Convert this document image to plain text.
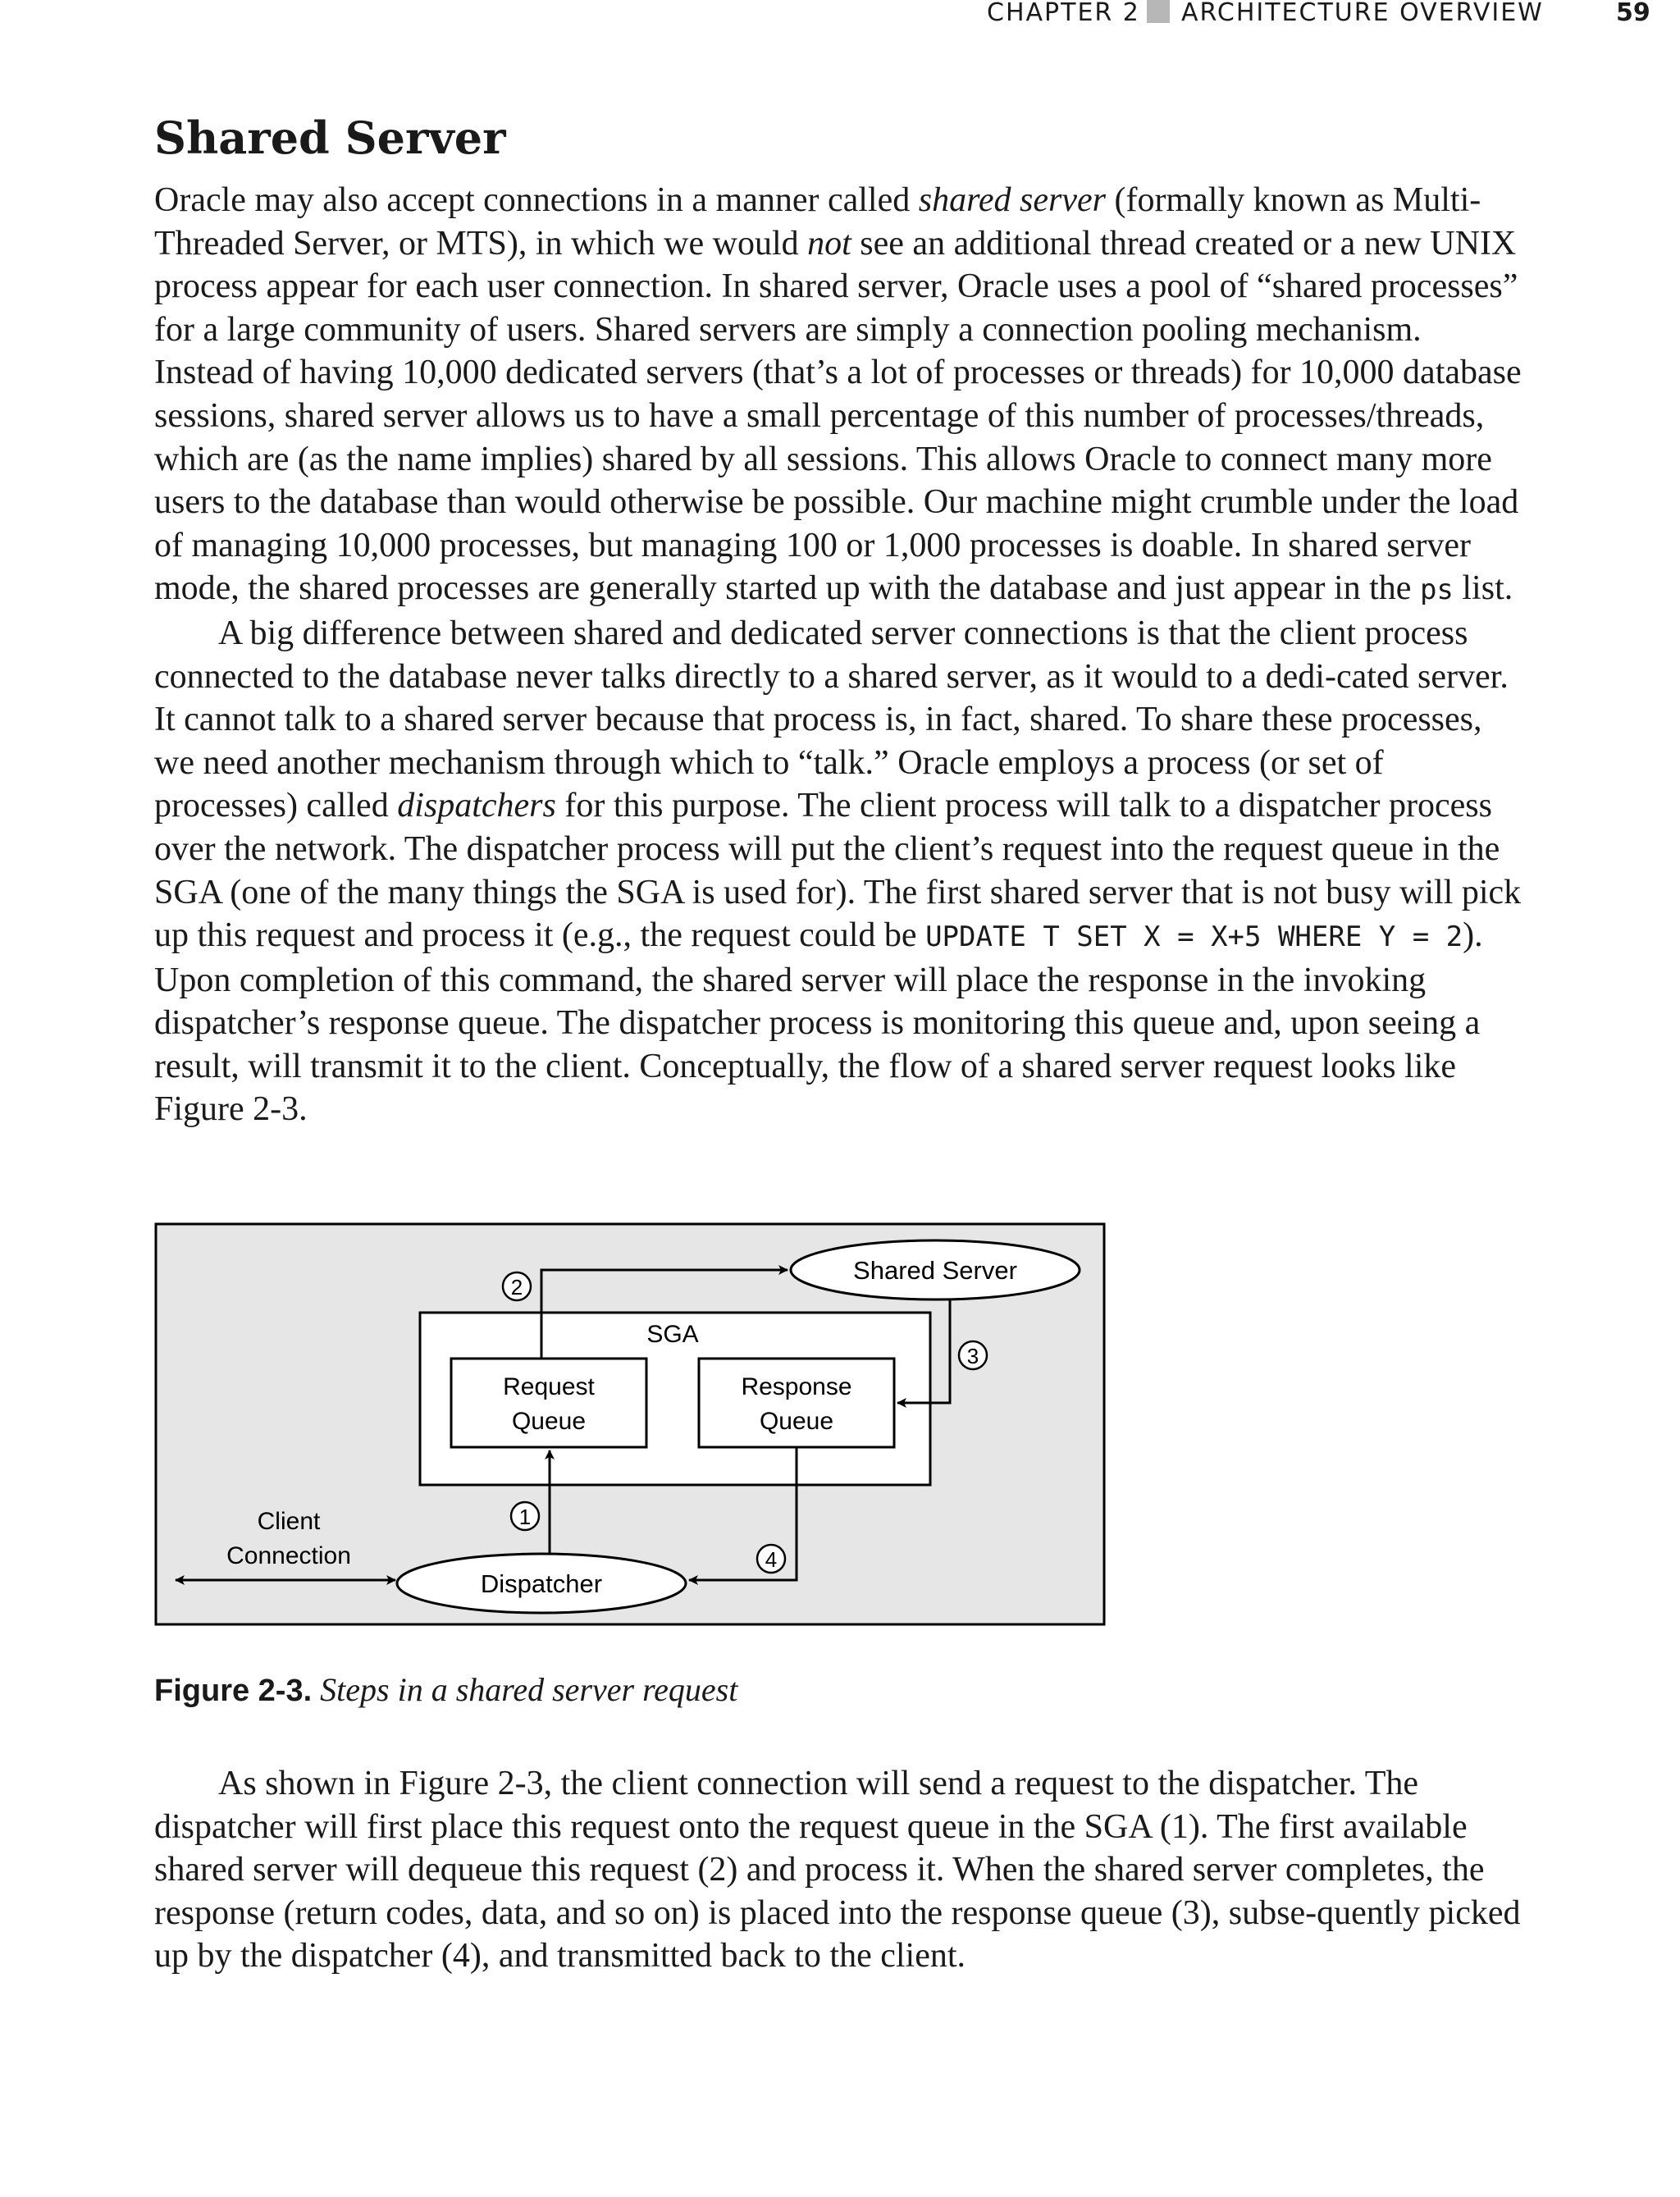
CHAPTER 2 ARCHITECTURE OVERVIEW	59
Shared Server

Oracle may also accept connections in a manner called shared server (formally known as Multi-Threaded Server, or MTS), in which we would not see an additional thread created or a new UNIX process appear for each user connection. In shared server, Oracle uses a pool of “shared processes” for a large community of users. Shared servers are simply a connection pooling mechanism. Instead of having 10,000 dedicated servers (that’s a lot of processes or threads) for 10,000 database sessions, shared server allows us to have a small percentage of this number of processes/threads, which are (as the name implies) shared by all sessions. This allows Oracle to connect many more users to the database than would otherwise be possible. Our machine might crumble under the load of managing 10,000 processes, but managing 100 or 1,000 processes is doable. In shared server mode, the shared processes are generally started up with the database and just appear in the ps list.

A big difference between shared and dedicated server connections is that the client process connected to the database never talks directly to a shared server, as it would to a dedi-cated server. It cannot talk to a shared server because that process is, in fact, shared. To share these processes, we need another mechanism through which to “talk.” Oracle employs a process (or set of processes) called dispatchers for this purpose. The client process will talk to a dispatcher process over the network. The dispatcher process will put the client’s request into the request queue in the SGA (one of the many things the SGA is used for). The first shared server that is not busy will pick up this request and process it (e.g., the request could be UPDATE T SET X = X+5 WHERE Y = 2). Upon completion of this command, the shared server will place the response in the invoking dispatcher’s response queue. The dispatcher process is monitoring this queue and, upon seeing a result, will transmit it to the client. Conceptually, the flow of a shared server request looks like Figure 2-3.

SGA
Request
Queue
Response
Queue
Shared Server
Dispatcher
Client
Connection
2
3
1
4
Figure 2-3. Steps in a shared server request

As shown in Figure 2-3, the client connection will send a request to the dispatcher. The dispatcher will first place this request onto the request queue in the SGA (1). The first available shared server will dequeue this request (2) and process it. When the shared server completes, the response (return codes, data, and so on) is placed into the response queue (3), subse-quently picked up by the dispatcher (4), and transmitted back to the client.
